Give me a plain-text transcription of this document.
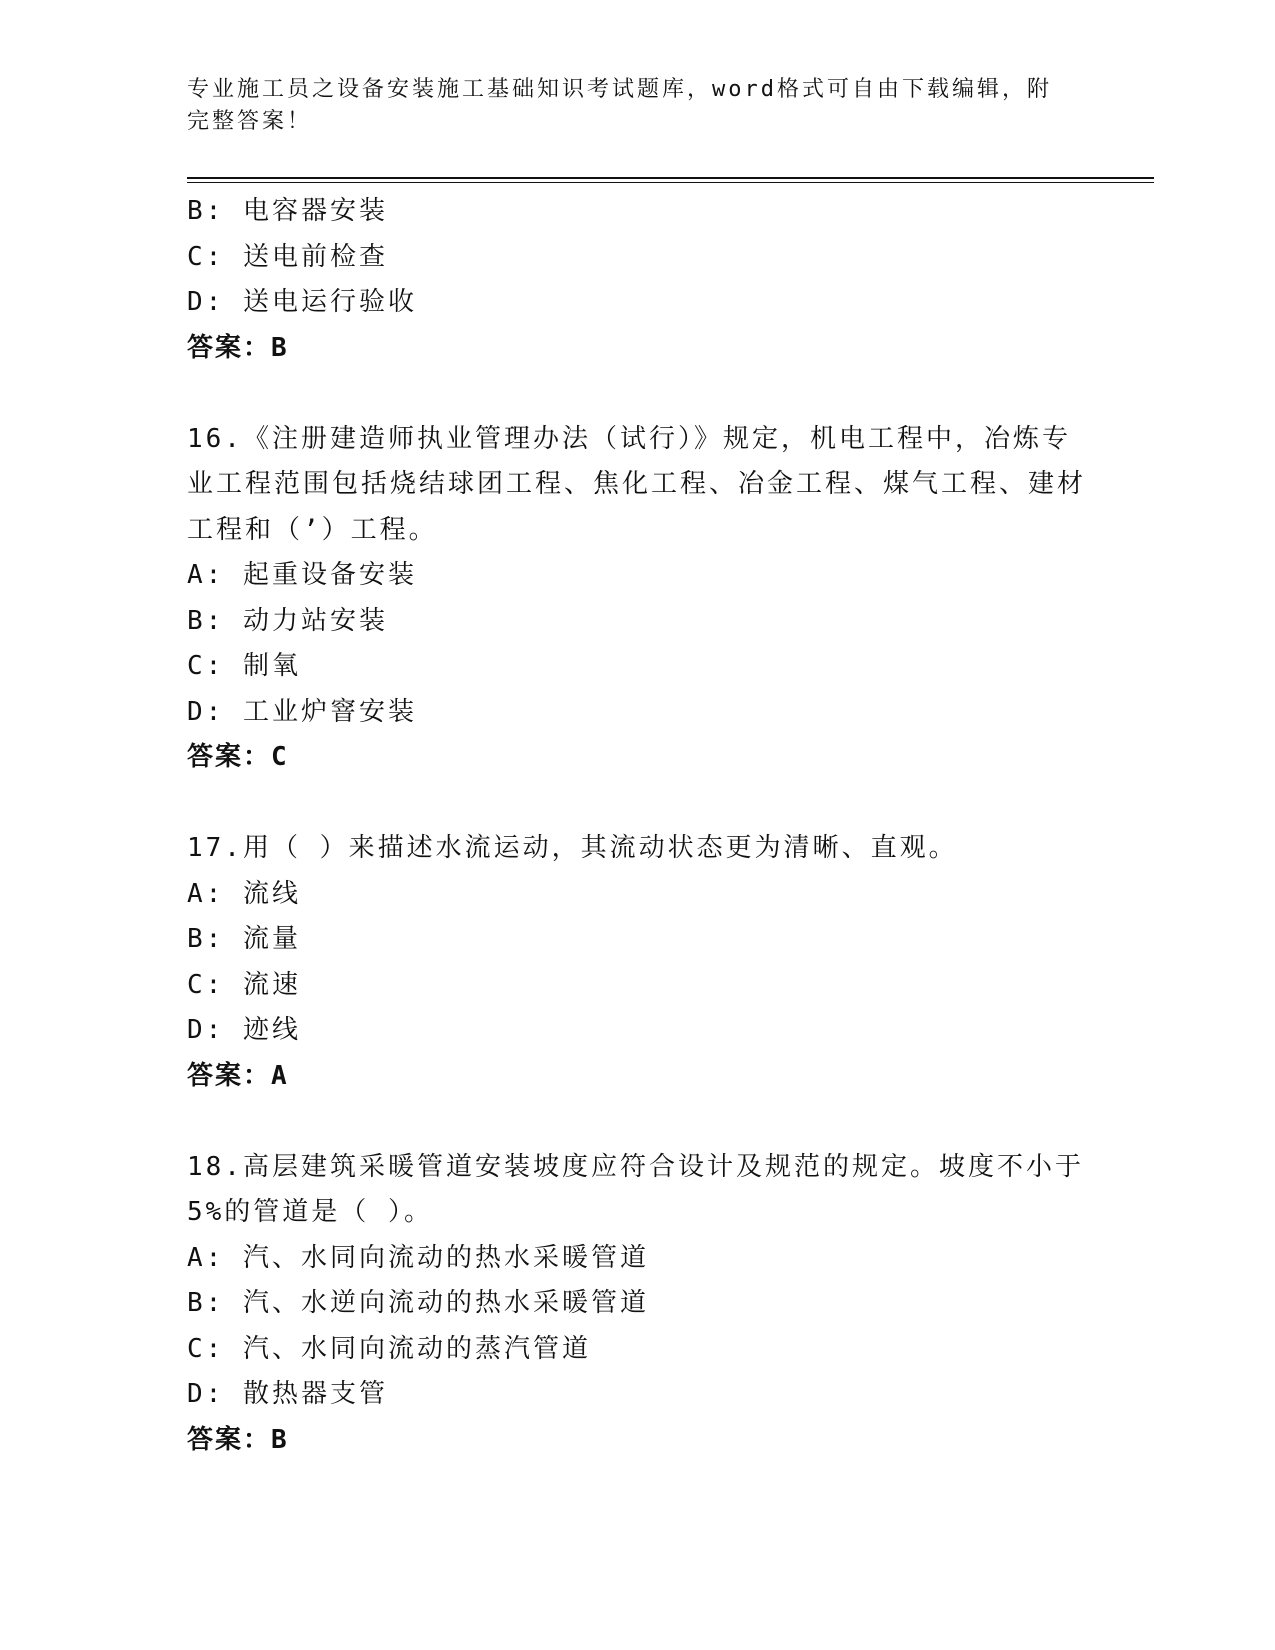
专业施工员之设备安装施工基础知识考试题库，word格式可自由下载编辑，附完整答案！

B: 电容器安装

C: 送电前检查

D: 送电运行验收

答案：B

16.《注册建造师执业管理办法（试行）》规定，机电工程中，冶炼专业工程范围包括烧结球团工程、焦化工程、冶金工程、煤气工程、建材工程和（’）工程。

A: 起重设备安装

B: 动力站安装

C: 制氧

D: 工业炉窨安装

答案：C

17.用（ ）来描述水流运动，其流动状态更为清晰、直观。

A: 流线

B: 流量

C: 流速

D: 迹线

答案：A

18.高层建筑采暖管道安装坡度应符合设计及规范的规定。坡度不小于5%的管道是（ ）。

A: 汽、水同向流动的热水采暖管道

B: 汽、水逆向流动的热水采暖管道

C: 汽、水同向流动的蒸汽管道

D: 散热器支管

答案：B
